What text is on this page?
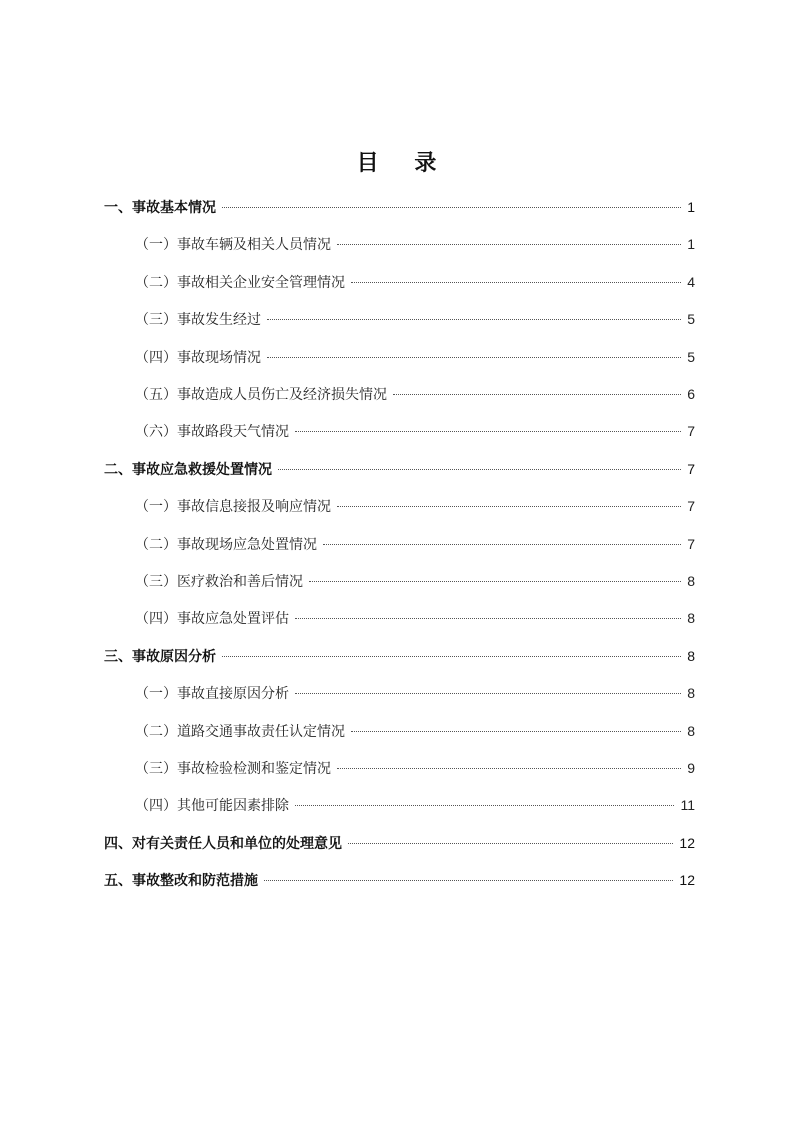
目 录
一、事故基本情况	1
（一）事故车辆及相关人员情况	1
（二）事故相关企业安全管理情况	4
（三）事故发生经过	5
（四）事故现场情况	5
（五）事故造成人员伤亡及经济损失情况	6
（六）事故路段天气情况	7
二、事故应急救援处置情况	7
（一）事故信息接报及响应情况	7
（二）事故现场应急处置情况	7
（三）医疗救治和善后情况	8
（四）事故应急处置评估	8
三、事故原因分析	8
（一）事故直接原因分析	8
（二）道路交通事故责任认定情况	8
（三）事故检验检测和鉴定情况	9
（四）其他可能因素排除	11
四、对有关责任人员和单位的处理意见	12
五、事故整改和防范措施	12
